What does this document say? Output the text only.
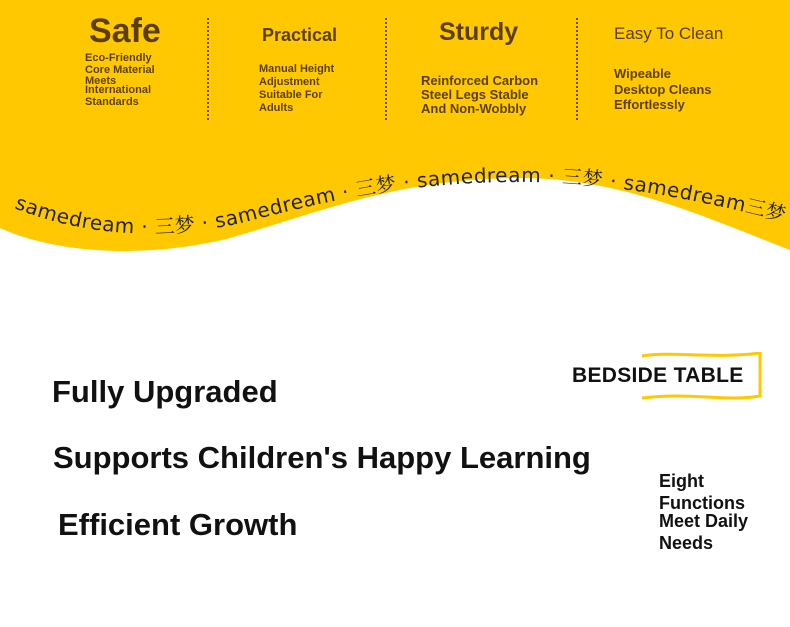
samedream · 三梦 · samedream · 三梦 · samedream · 三梦 · samedream三梦
Safe
Eco-Friendly
Core Material
Meets
International
Standards
Practical
Manual Height
Adjustment
Suitable For
Adults
Sturdy
Reinforced Carbon
Steel Legs Stable
And Non-Wobbly
Easy To Clean
Wipeable
Desktop Cleans
Effortlessly
Fully Upgraded
Supports Children's Happy Learning
Efficient Growth
BEDSIDE TABLE
Eight
Functions
Meet Daily
Needs
